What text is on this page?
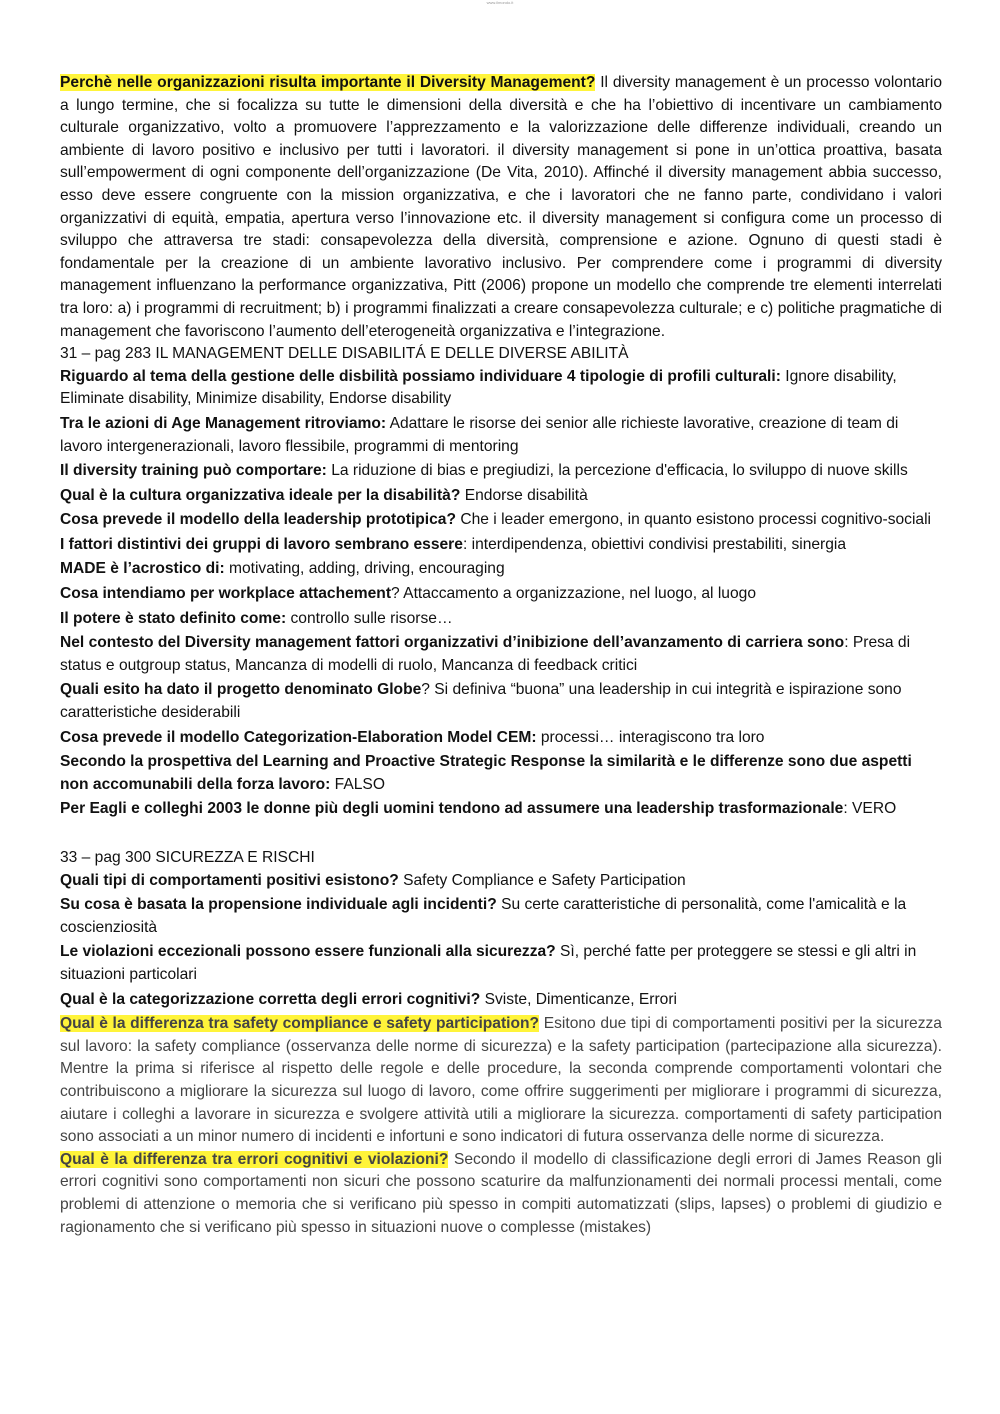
www.ilmondo.it

Perchè nelle organizzazioni risulta importante il Diversity Management? Il diversity management è un processo volontario a lungo termine, che si focalizza su tutte le dimensioni della diversità e che ha l’obiettivo di incentivare un cambiamento culturale organizzativo, volto a promuovere l’apprezzamento e la valorizzazione delle differenze individuali, creando un ambiente di lavoro positivo e inclusivo per tutti i lavoratori. il diversity management si pone in un’ottica proattiva, basata sull’empowerment di ogni componente dell’organizzazione (De Vita, 2010). Affinché il diversity management abbia successo, esso deve essere congruente con la mission organizzativa, e che i lavoratori che ne fanno parte, condividano i valori organizzativi di equità, empatia, apertura verso l’innovazione etc. il diversity management si configura come un processo di sviluppo che attraversa tre stadi: consapevolezza della diversità, comprensione e azione. Ognuno di questi stadi è fondamentale per la creazione di un ambiente lavorativo inclusivo. Per comprendere come i programmi di diversity management influenzano la performance organizzativa, Pitt (2006) propone un modello che comprende tre elementi interrelati tra loro: a) i programmi di recruitment; b) i programmi finalizzati a creare consapevolezza culturale; e c) politiche pragmatiche di management che favoriscono l’aumento dell’eterogeneità organizzativa e l’integrazione.

31 – pag 283 IL MANAGEMENT DELLE DISABILITÁ E DELLE DIVERSE ABILITÀ

Riguardo al tema della gestione delle disbilità possiamo individuare 4 tipologie di profili culturali: Ignore disability, Eliminate disability, Minimize disability, Endorse disability

Tra le azioni di Age Management ritroviamo: Adattare le risorse dei senior alle richieste lavorative, creazione di team di lavoro intergenerazionali, lavoro flessibile, programmi di mentoring

Il diversity training può comportare: La riduzione di bias e pregiudizi, la percezione d'efficacia, lo sviluppo di nuove skills

Qual è la cultura organizzativa ideale per la disabilità? Endorse disabilità

Cosa prevede il modello della leadership prototipica? Che i leader emergono, in quanto esistono processi cognitivo-sociali

I fattori distintivi dei gruppi di lavoro sembrano essere: interdipendenza, obiettivi condivisi prestabiliti, sinergia

MADE è l’acrostico di: motivating, adding, driving, encouraging

Cosa intendiamo per workplace attachement? Attaccamento a organizzazione, nel luogo, al luogo

Il potere è stato definito come: controllo sulle risorse…

Nel contesto del Diversity management fattori organizzativi d’inibizione dell’avanzamento di carriera sono: Presa di status e outgroup status, Mancanza di modelli di ruolo, Mancanza di feedback critici

Quali esito ha dato il progetto denominato Globe? Si definiva “buona” una leadership in cui integrità e ispirazione sono caratteristiche desiderabili

Cosa prevede il modello Categorization-Elaboration Model CEM: processi… interagiscono tra loro

Secondo la prospettiva del Learning and Proactive Strategic Response la similarità e le differenze sono due aspetti non accomunabili della forza lavoro: FALSO

Per Eagli e colleghi 2003 le donne più degli uomini tendono ad assumere una leadership trasformazionale: VERO

33 – pag 300 SICUREZZA E RISCHI

Quali tipi di comportamenti positivi esistono? Safety Compliance e Safety Participation

Su cosa è basata la propensione individuale agli incidenti? Su certe caratteristiche di personalità, come l'amicalità e la coscienziosità

Le violazioni eccezionali possono essere funzionali alla sicurezza? Sì, perché fatte per proteggere se stessi e gli altri in situazioni particolari

Qual è la categorizzazione corretta degli errori cognitivi? Sviste, Dimenticanze, Errori

Qual è la differenza tra safety compliance e safety participation? Esitono due tipi di comportamenti positivi per la sicurezza sul lavoro: la safety compliance (osservanza delle norme di sicurezza) e la safety participation (partecipazione alla sicurezza). Mentre la prima si riferisce al rispetto delle regole e delle procedure, la seconda comprende comportamenti volontari che contribuiscono a migliorare la sicurezza sul luogo di lavoro, come offrire suggerimenti per migliorare i programmi di sicurezza, aiutare i colleghi a lavorare in sicurezza e svolgere attività utili a migliorare la sicurezza. comportamenti di safety participation sono associati a un minor numero di incidenti e infortuni e sono indicatori di futura osservanza delle norme di sicurezza.

Qual è la differenza tra errori cognitivi e violazioni? Secondo il modello di classificazione degli errori di James Reason gli errori cognitivi sono comportamenti non sicuri che possono scaturire da malfunzionamenti dei normali processi mentali, come problemi di attenzione o memoria che si verificano più spesso in compiti automatizzati (slips, lapses) o problemi di giudizio e ragionamento che si verificano più spesso in situazioni nuove o complesse (mistakes)
